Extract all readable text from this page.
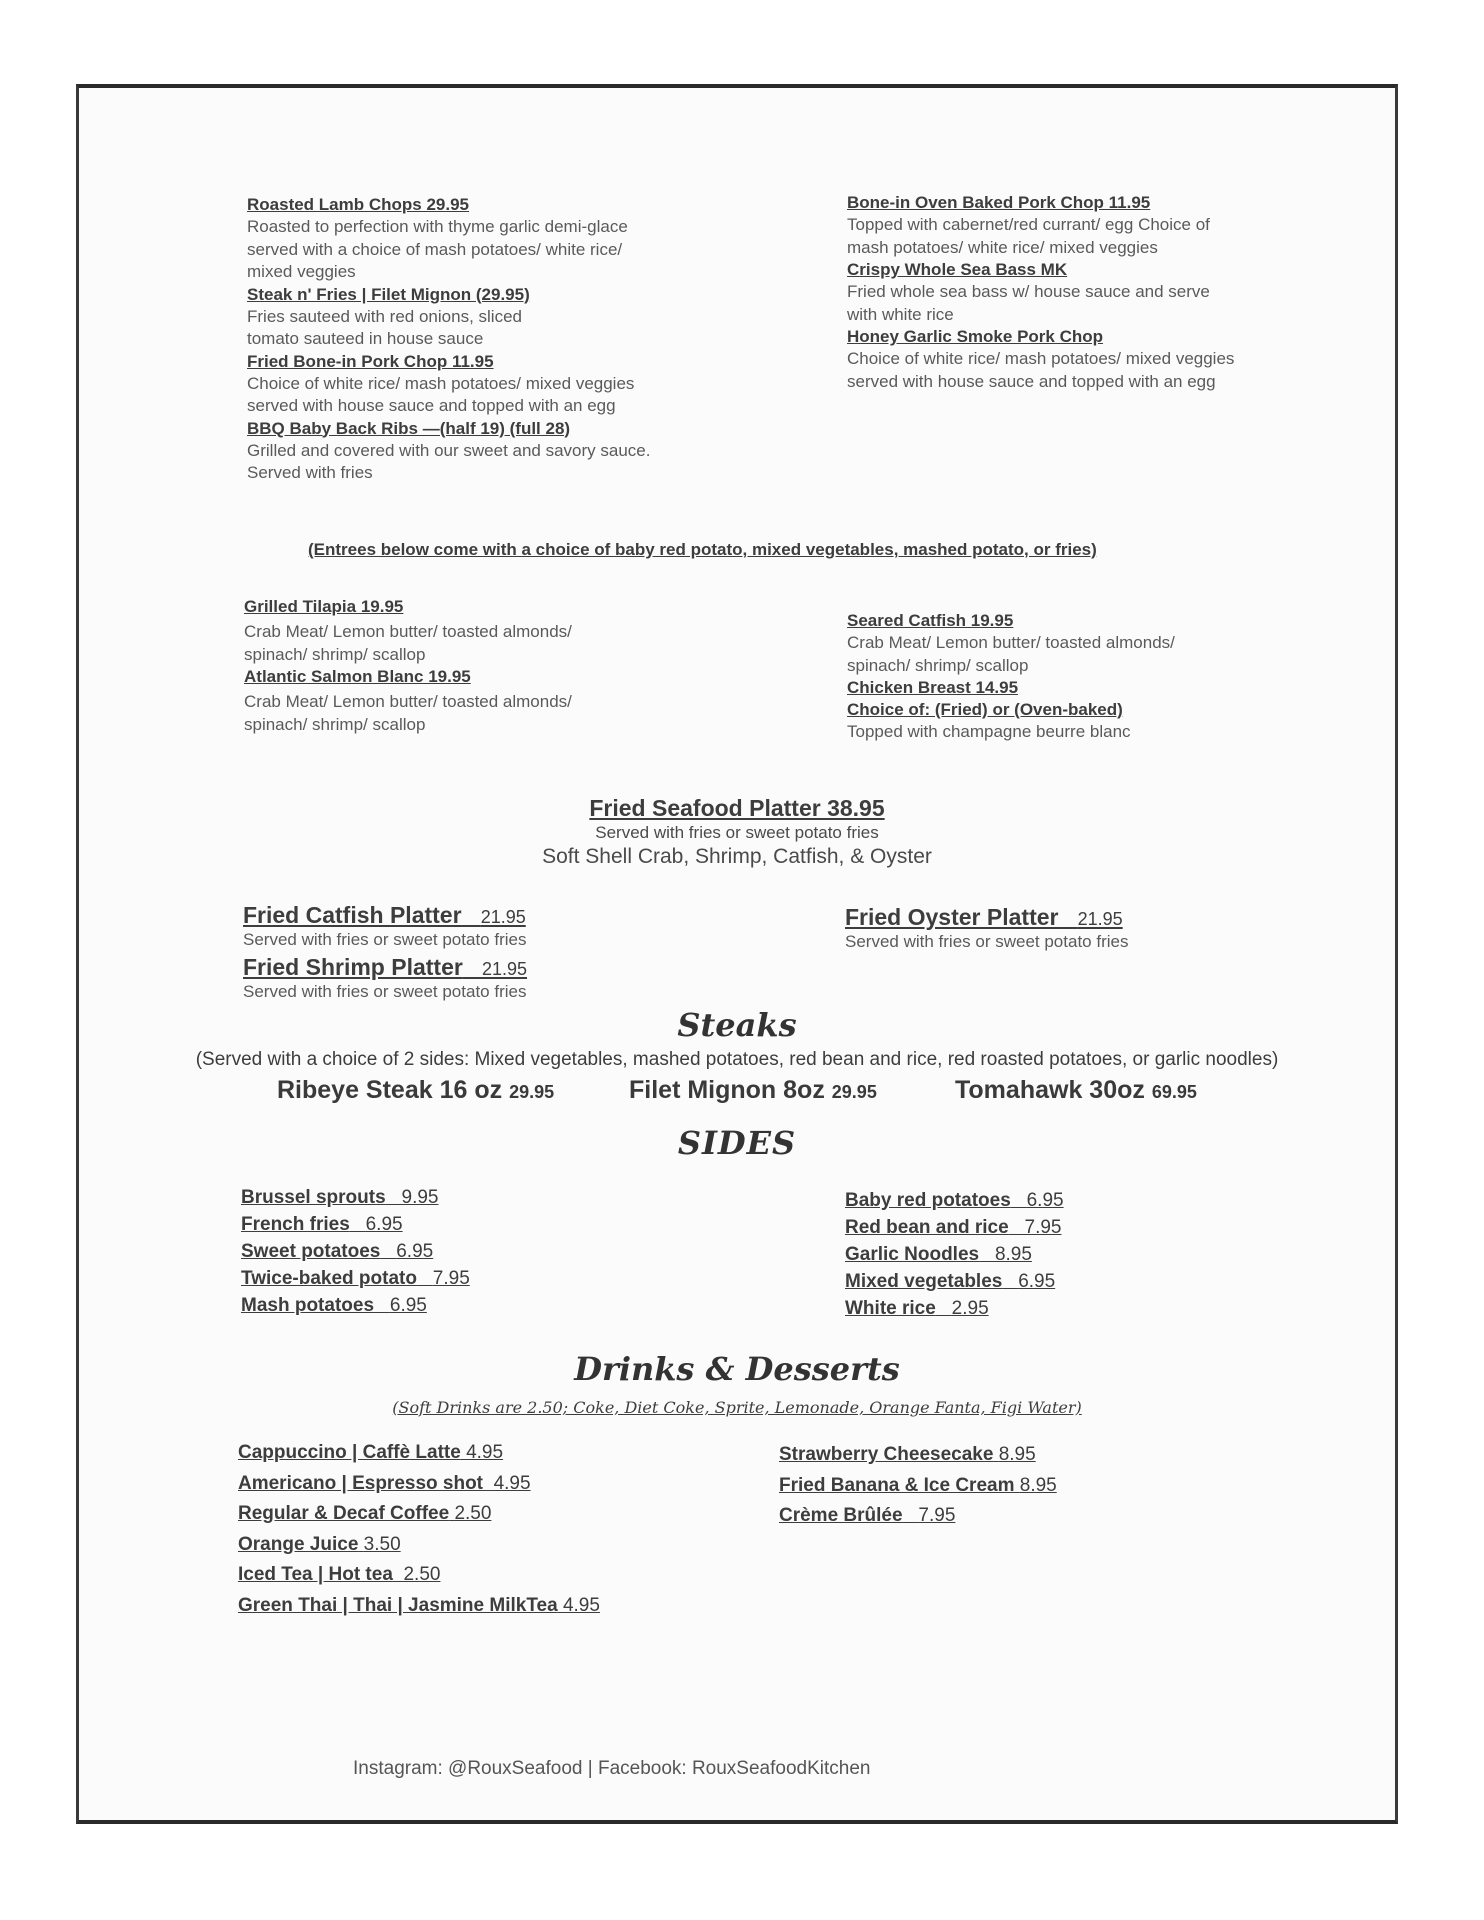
Roasted Lamb Chops 29.95
Roasted to perfection with thyme garlic demi-glace served with a choice of mash potatoes/ white rice/ mixed veggies
Steak n' Fries | Filet Mignon (29.95)
Fries sauteed with red onions, sliced tomato sauteed in house sauce
Fried Bone-in Pork Chop 11.95
Choice of white rice/ mash potatoes/ mixed veggies served with house sauce and topped with an egg
BBQ Baby Back Ribs —(half 19) (full 28)
Grilled and covered with our sweet and savory sauce. Served with fries
Bone-in Oven Baked Pork Chop 11.95
Topped with cabernet/red currant/ egg Choice of mash potatoes/ white rice/ mixed veggies
Crispy Whole Sea Bass MK
Fried whole sea bass w/ house sauce and serve with white rice
Honey Garlic Smoke Pork Chop
Choice of white rice/ mash potatoes/ mixed veggies served with house sauce and topped with an egg
(Entrees below come with a choice of baby red potato, mixed vegetables, mashed potato, or fries)
Grilled Tilapia 19.95
Crab Meat/ Lemon butter/ toasted almonds/ spinach/ shrimp/ scallop
Atlantic Salmon Blanc 19.95
Crab Meat/ Lemon butter/ toasted almonds/ spinach/ shrimp/ scallop
Seared Catfish 19.95
Crab Meat/ Lemon butter/ toasted almonds/ spinach/ shrimp/ scallop
Chicken Breast 14.95
Choice of: (Fried) or (Oven-baked)
Topped with champagne beurre blanc
Fried Seafood Platter 38.95
Served with fries or sweet potato fries
Soft Shell Crab, Shrimp, Catfish, & Oyster
Fried Catfish Platter 21.95
Served with fries or sweet potato fries
Fried Shrimp Platter 21.95
Served with fries or sweet potato fries
Fried Oyster Platter 21.95
Served with fries or sweet potato fries
Steaks
(Served with a choice of 2 sides: Mixed vegetables, mashed potatoes, red bean and rice, red roasted potatoes, or garlic noodles)
Ribeye Steak 16 oz 29.95	Filet Mignon 8oz 29.95	Tomahawk 30oz 69.95
SIDES
Brussel sprouts 9.95
French fries 6.95
Sweet potatoes 6.95
Twice-baked potato 7.95
Mash potatoes 6.95
Baby red potatoes 6.95
Red bean and rice 7.95
Garlic Noodles 8.95
Mixed vegetables 6.95
White rice 2.95
Drinks & Desserts
(Soft Drinks are 2.50; Coke, Diet Coke, Sprite, Lemonade, Orange Fanta, Figi Water)
Cappuccino | Caffè Latte 4.95
Americano | Espresso shot 4.95
Regular & Decaf Coffee 2.50
Orange Juice 3.50
Iced Tea | Hot tea 2.50
Green Thai | Thai | Jasmine MilkTea 4.95
Strawberry Cheesecake 8.95
Fried Banana & Ice Cream 8.95
Crème Brûlée 7.95
Instagram: @RouxSeafood | Facebook: RouxSeafoodKitchen
